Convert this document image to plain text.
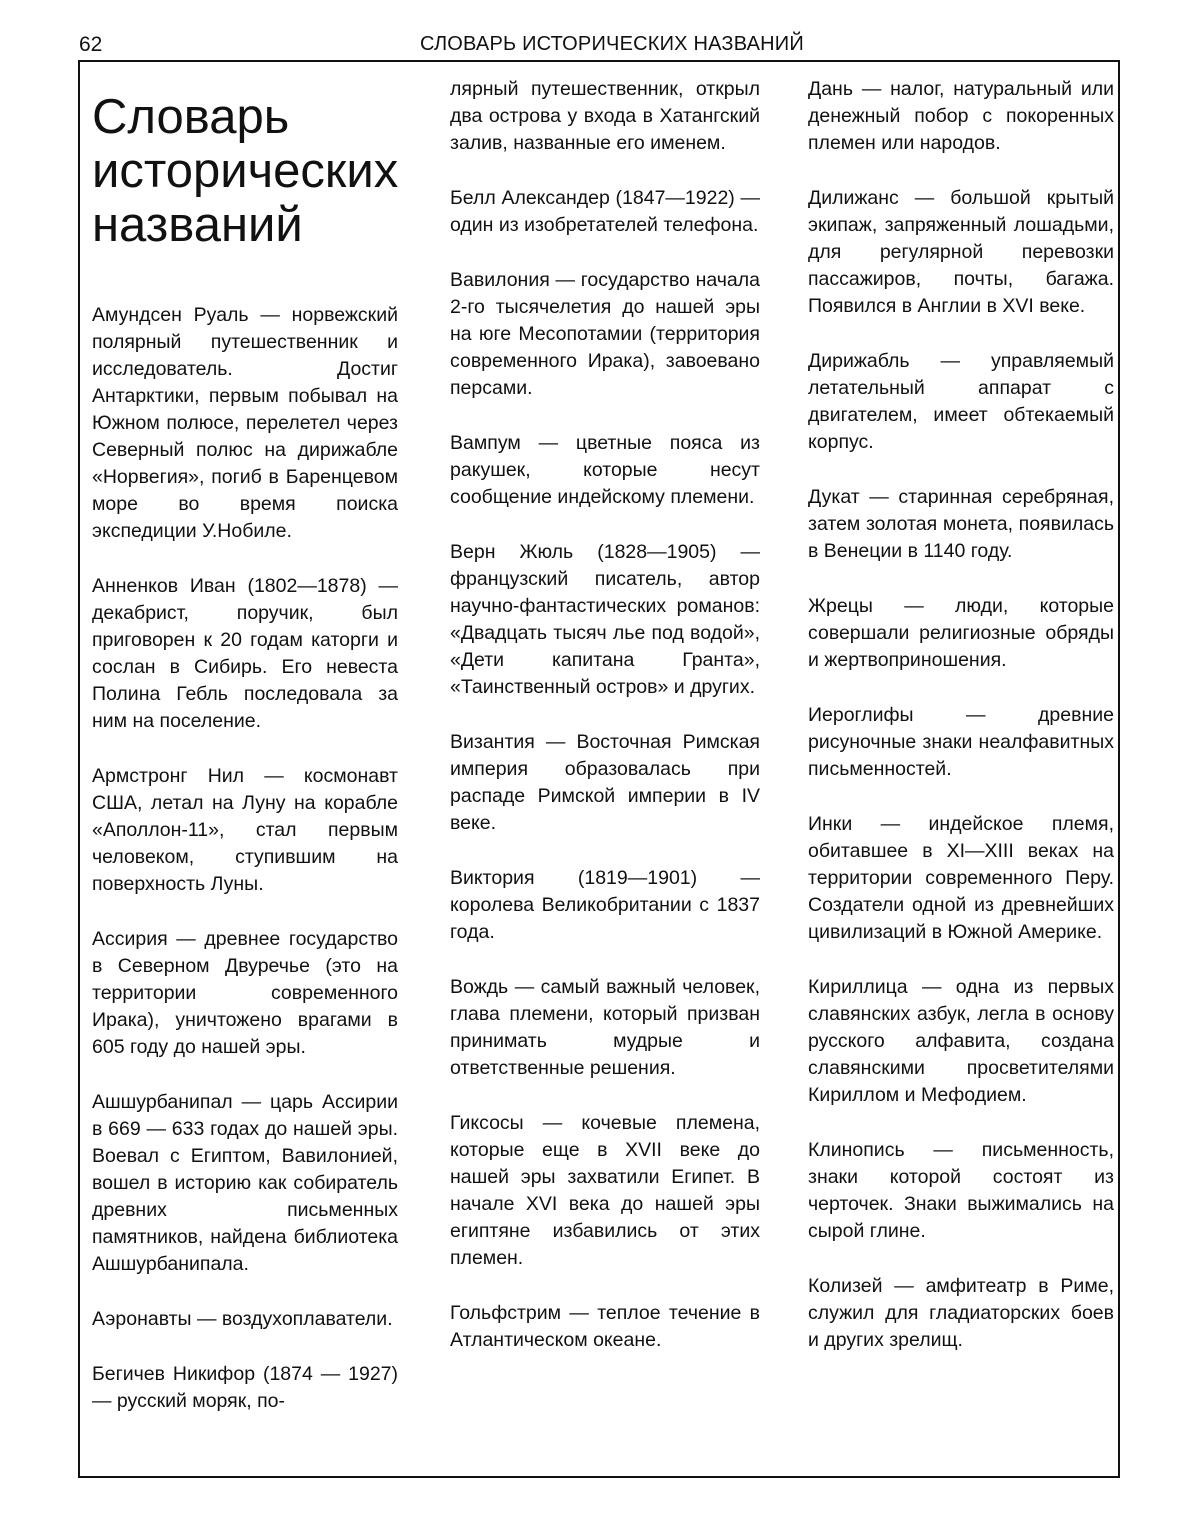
62	СЛОВАРЬ ИСТОРИЧЕСКИХ НАЗВАНИЙ
Словарь
исторических
названий

Амундсен Руаль — норвежский полярный путешественник и исследователь. Достиг Антарктики, первым побывал на Южном полюсе, перелетел через Северный полюс на дирижабле «Норвегия», погиб в Баренцевом море во время поиска экспедиции У.Нобиле.

Анненков Иван (1802—1878) — декабрист, поручик, был приговорен к 20 годам каторги и сослан в Сибирь. Его невеста Полина Гебль последовала за ним на поселение.

Армстронг Нил — космонавт США, летал на Луну на корабле «Аполлон-11», стал первым человеком, ступившим на поверхность Луны.

Ассирия — древнее государство в Северном Двуречье (это на территории современного Ирака), уничтожено врагами в 605 году до нашей эры.

Ашшурбанипал — царь Ассирии в 669 — 633 годах до нашей эры. Воевал с Египтом, Вавилонией, вошел в историю как собиратель древних письменных памятников, найдена библиотека Ашшурбанипала.

Аэронавты — воздухоплаватели.

Бегичев Никифор (1874 — 1927) — русский моряк, по-

лярный путешественник, открыл два острова у входа в Хатангский залив, названные его именем.

Белл Александер (1847—1922) — один из изобретателей телефона.

Вавилония — государство начала 2-го тысячелетия до нашей эры на юге Месопотамии (территория современного Ирака), завоевано персами.

Вампум — цветные пояса из ракушек, которые несут сообщение индейскому племени.

Верн Жюль (1828—1905) — французский писатель, автор научно-фантастических романов: «Двадцать тысяч лье под водой», «Дети капитана Гранта», «Таинственный остров» и других.

Византия — Восточная Римская империя образовалась при распаде Римской империи в IV веке.

Виктория (1819—1901) — королева Великобритании с 1837 года.

Вождь — самый важный человек, глава племени, который призван принимать мудрые и ответственные решения.

Гиксосы — кочевые племена, которые еще в XVII веке до нашей эры захватили Египет. В начале XVI века до нашей эры египтяне избавились от этих племен.

Гольфстрим — теплое течение в Атлантическом океане.

Дань — налог, натуральный или денежный побор с покоренных племен или народов.

Дилижанс — большой крытый экипаж, запряженный лошадьми, для регулярной перевозки пассажиров, почты, багажа. Появился в Англии в XVI веке.

Дирижабль — управляемый летательный аппарат с двигателем, имеет обтекаемый корпус.

Дукат — старинная серебряная, затем золотая монета, появилась в Венеции в 1140 году.

Жрецы — люди, которые совершали религиозные обряды и жертвоприношения.

Иероглифы — древние рисуночные знаки неалфавитных письменностей.

Инки — индейское племя, обитавшее в XI—XIII веках на территории современного Перу. Создатели одной из древнейших цивилизаций в Южной Америке.

Кириллица — одна из первых славянских азбук, легла в основу русского алфавита, создана славянскими просветителями Кириллом и Мефодием.

Клинопись — письменность, знаки которой состоят из черточек. Знаки выжимались на сырой глине.

Колизей — амфитеатр в Риме, служил для гладиаторских боев и других зрелищ.
